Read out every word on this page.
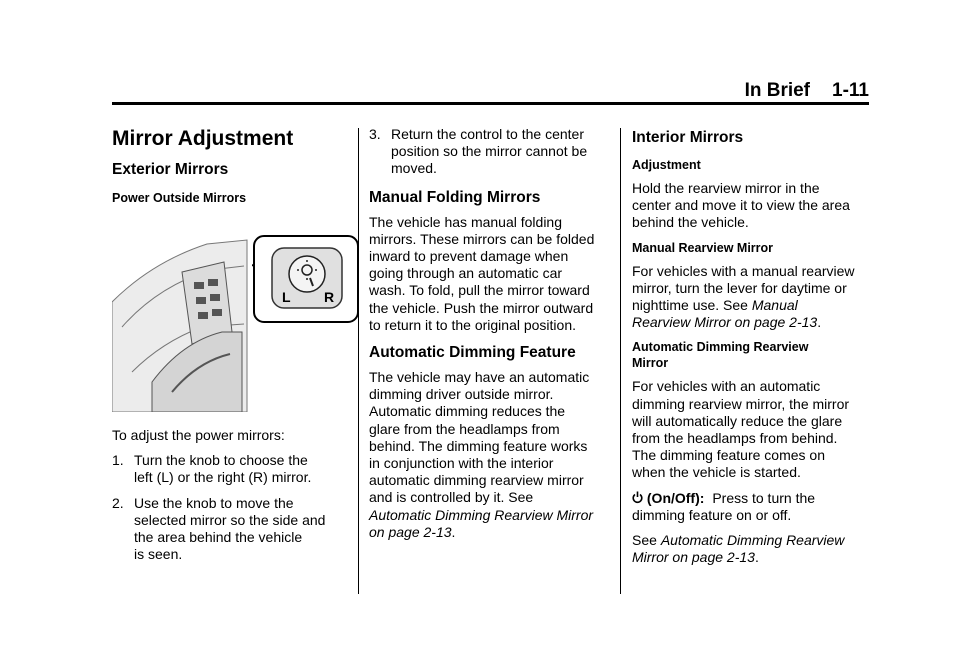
In Brief 1-11
Mirror Adjustment
Exterior Mirrors
Power Outside Mirrors
L R
To adjust the power mirrors:
1. Turn the knob to choose the
left (L) or the right (R) mirror.
2. Use the knob to move the
selected mirror so the side and
the area behind the vehicle
is seen.
3. Return the control to the center
position so the mirror cannot be
moved.
Manual Folding Mirrors
The vehicle has manual folding
mirrors. These mirrors can be folded
inward to prevent damage when
going through an automatic car
wash. To fold, pull the mirror toward
the vehicle. Push the mirror outward
to return it to the original position.
Automatic Dimming Feature
The vehicle may have an automatic
dimming driver outside mirror.
Automatic dimming reduces the
glare from the headlamps from
behind. The dimming feature works
in conjunction with the interior
automatic dimming rearview mirror
and is controlled by it. See
Automatic Dimming Rearview Mirror
on page 2-13.
Interior Mirrors
Adjustment
Hold the rearview mirror in the
center and move it to view the area
behind the vehicle.
Manual Rearview Mirror
For vehicles with a manual rearview
mirror, turn the lever for daytime or
nighttime use. See Manual
Rearview Mirror on page 2-13.
Automatic Dimming Rearview
Mirror
For vehicles with an automatic
dimming rearview mirror, the mirror
will automatically reduce the glare
from the headlamps from behind.
The dimming feature comes on
when the vehicle is started.
(On/Off): Press to turn the
dimming feature on or off.
See Automatic Dimming Rearview
Mirror on page 2-13.
